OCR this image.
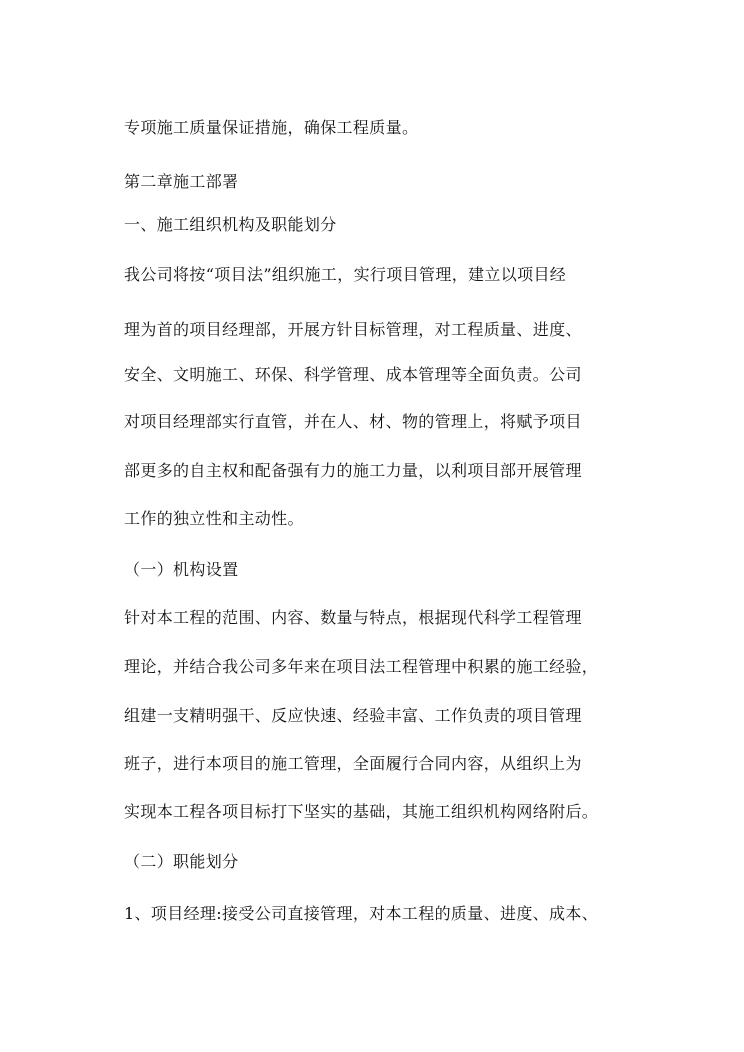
专项施工质量保证措施，确保工程质量。
第二章施工部署
一、施工组织机构及职能划分
我公司将按“项目法”组织施工，实行项目管理，建立以项目经
理为首的项目经理部，开展方针目标管理，对工程质量、进度、
安全、文明施工、环保、科学管理、成本管理等全面负责。公司
对项目经理部实行直管，并在人、材、物的管理上，将赋予项目
部更多的自主权和配备强有力的施工力量，以利项目部开展管理
工作的独立性和主动性。
（一）机构设置
针对本工程的范围、内容、数量与特点，根据现代科学工程管理
理论，并结合我公司多年来在项目法工程管理中积累的施工经验，
组建一支精明强干、反应快速、经验丰富、工作负责的项目管理
班子，进行本项目的施工管理，全面履行合同内容，从组织上为
实现本工程各项目标打下坚实的基础，其施工组织机构网络附后。
（二）职能划分
1、项目经理:接受公司直接管理，对本工程的质量、进度、成本、
